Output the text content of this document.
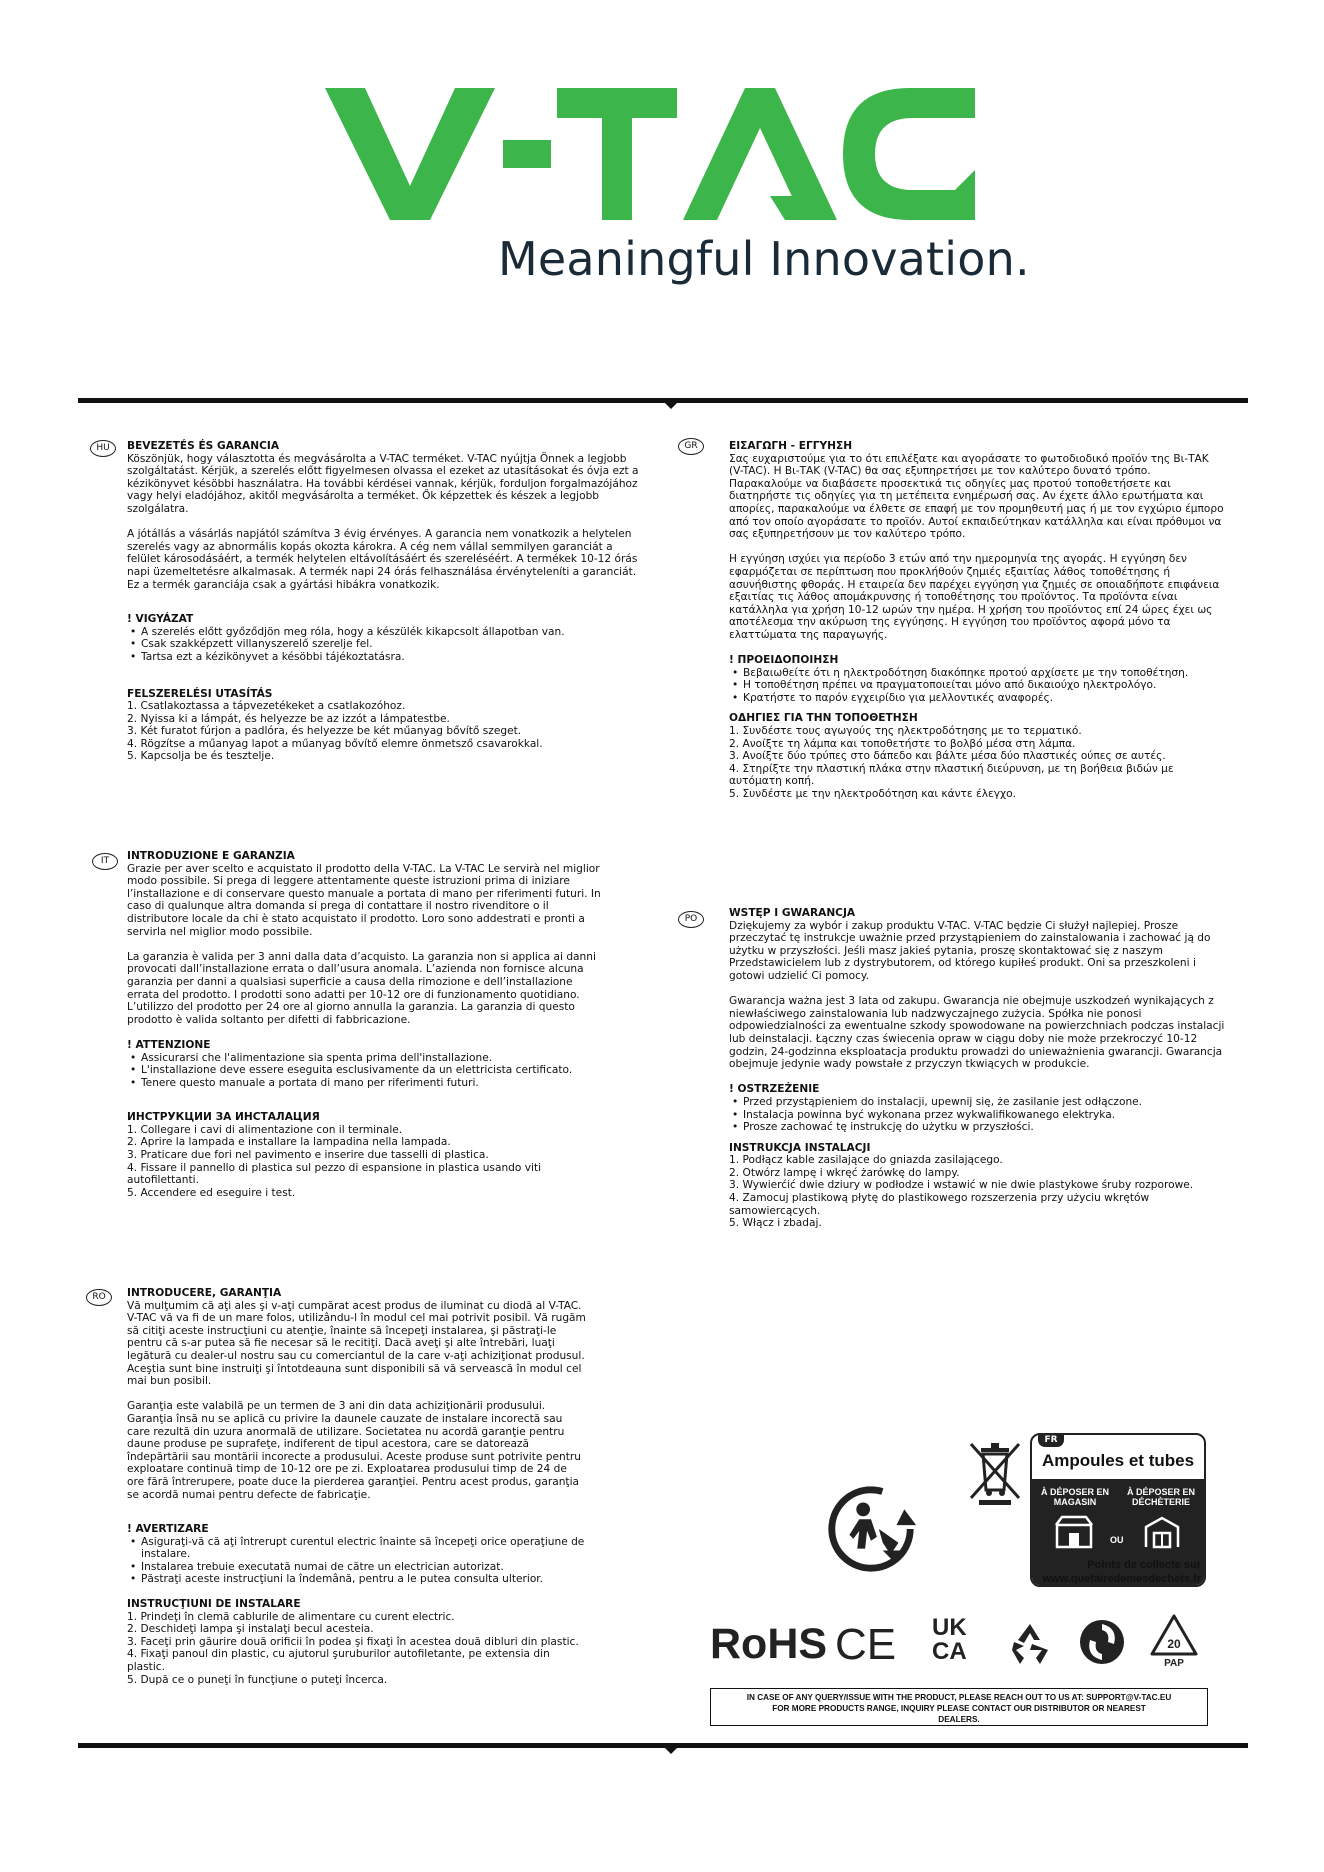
Meaningful Innovation.
HU	BEVEZETÉS ÉS GARANCIA

Köszönjük, hogy választotta és megvásárolta a V-TAC terméket. V-TAC nyújtja Önnek a legjobb szolgáltatást. Kérjük, a szerelés előtt figyelmesen olvassa el ezeket az utasításokat és óvja ezt a kézikönyvet késöbbi használatra. Ha további kérdései vannak, kérjük, forduljon forgalmazójához vagy helyi eladójához, akitől megvásárolta a terméket. Ők képzettek és készek a legjobb szolgálatra.

A jótállás a vásárlás napjától számítva 3 évig érvényes. A garancia nem vonatkozik a helytelen szerelés vagy az abnormális kopás okozta károkra. A cég nem vállal semmilyen garanciát a felület károsodásáért, a termék helytelen eltávolításáért és szereléséért. A termékek 10-12 órás napi üzemeltetésre alkalmasak. A termék napi 24 órás felhasználása érvényteleníti a garanciát. Ez a termék garanciája csak a gyártási hibákra vonatkozik.

! VIGYÁZAT
• A szerelés előtt győződjön meg róla, hogy a készülék kikapcsolt állapotban van.
• Csak szakképzett villanyszerelő szerelje fel.
• Tartsa ezt a kézikönyvet a késöbbi tájékoztatásra.
FELSZERELÉSI UTASÍTÁS
1. Csatlakoztassa a tápvezetékeket a csatlakozóhoz.
2. Nyissa ki a lámpát, és helyezze be az izzót a lámpatestbe.
3. Két furatot fúrjon a padlóra, és helyezze be két műanyag bővítő szeget.
4. Rögzítse a műanyag lapot a műanyag bővítő elemre önmetsző csavarokkal.
5. Kapcsolja be és tesztelje.
IT	INTRODUZIONE E GARANZIA

Grazie per aver scelto e acquistato il prodotto della V-TAC. La V-TAC Le servirà nel miglior modo possibile. Si prega di leggere attentamente queste istruzioni prima di iniziare l’installazione e di conservare questo manuale a portata di mano per riferimenti futuri. In caso di qualunque altra domanda si prega di contattare il nostro rivenditore o il distributore locale da chi è stato acquistato il prodotto. Loro sono addestrati e pronti a servirla nel miglior modo possibile.

La garanzia è valida per 3 anni dalla data d’acquisto. La garanzia non si applica ai danni provocati dall’installazione errata o dall’usura anomala. L’azienda non fornisce alcuna garanzia per danni a qualsiasi superficie a causa della rimozione e dell’installazione errata del prodotto. I prodotti sono adatti per 10-12 ore di funzionamento quotidiano. L’utilizzo del prodotto per 24 ore al giorno annulla la garanzia. La garanzia di questo prodotto è valida soltanto per difetti di fabbricazione.

! ATTENZIONE
• Assicurarsi che l'alimentazione sia spenta prima dell'installazione.
• L'installazione deve essere eseguita esclusivamente da un elettricista certificato.
• Tenere questo manuale a portata di mano per riferimenti futuri.
ИНСТРУКЦИИ ЗА ИНСТАЛАЦИЯ
1. Collegare i cavi di alimentazione con il terminale.
2. Aprire la lampada e installare la lampadina nella lampada.
3. Praticare due fori nel pavimento e inserire due tasselli di plastica.
4. Fissare il pannello di plastica sul pezzo di espansione in plastica usando viti autofilettanti.
5. Accendere ed eseguire i test.
RO	INTRODUCERE, GARANŢIA

Vă mulţumim că aţi ales şi v-aţi cumpărat acest produs de iluminat cu diodă al V-TAC. V-TAC vă va fi de un mare folos, utilizându-l în modul cel mai potrivit posibil. Vă rugăm să citiţi aceste instrucţiuni cu atenţie, înainte să începeţi instalarea, şi păstraţi-le pentru că s-ar putea să fie necesar să le recitiţi. Dacă aveţi şi alte întrebări, luaţi legătură cu dealer-ul nostru sau cu comerciantul de la care v-aţi achiziţionat produsul. Aceştia sunt bine instruiţi şi întotdeauna sunt disponibili să vă servească în modul cel mai bun posibil.

Garanţia este valabilă pe un termen de 3 ani din data achiziţionării produsului. Garanţia însă nu se aplică cu privire la daunele cauzate de instalare incorectă sau care rezultă din uzura anormală de utilizare. Societatea nu acordă garanţie pentru daune produse pe suprafeţe, indiferent de tipul acestora, care se datorează îndepărtării sau montării incorecte a produsului. Aceste produse sunt potrivite pentru exploatare continuă timp de 10-12 ore pe zi. Exploatarea produsului timp de 24 de ore fără întrerupere, poate duce la pierderea garanţiei. Pentru acest produs, garanţia se acordă numai pentru defecte de fabricaţie.

! AVERTIZARE
• Asiguraţi-vă că aţi întrerupt curentul electric înainte să începeţi orice operaţiune de instalare.
• Instalarea trebuie executată numai de către un electrician autorizat.
• Păstraţi aceste instrucţiuni la îndemână, pentru a le putea consulta ulterior.
INSTRUCŢIUNI DE INSTALARE
1. Prindeţi în clemă cablurile de alimentare cu curent electric.
2. Deschideţi lampa şi instalaţi becul acesteia.
3. Faceţi prin găurire două orificii în podea şi fixaţi în acestea două dibluri din plastic.
4. Fixaţi panoul din plastic, cu ajutorul şuruburilor autofiletante, pe extensia din plastic.
5. După ce o puneţi în funcţiune o puteţi încerca.
GR	ΕΙΣΑΓΩΓΗ - ΕΓΓΥΗΣΗ

Σας ευχαριστούμε για το ότι επιλέξατε και αγοράσατε το φωτοδιοδικό προϊόν της Βι-ΤΑΚ (V-TAC). Η Βι-ΤΑΚ (V-TAC) θα σας εξυπηρετήσει με τον καλύτερο δυνατό τρόπο. Παρακαλούμε να διαβάσετε προσεκτικά τις οδηγίες μας προτού τοποθετήσετε και διατηρήστε τις οδηγίες για τη μετέπειτα ενημέρωσή σας. Αν έχετε άλλο ερωτήματα και απορίες, παρακαλούμε να έλθετε σε επαφή με τον προμηθευτή μας ή με τον εγχώριο έμπορο από τον οποίο αγοράσατε το προϊόν. Αυτοί εκπαιδεύτηκαν κατάλληλα και είναι πρόθυμοι να σας εξυπηρετήσουν με τον καλύτερο τρόπο.

Η εγγύηση ισχύει για περίοδο 3 ετών από την ημερομηνία της αγοράς. Η εγγύηση δεν εφαρμόζεται σε περίπτωση που προκλήθούν ζημιές εξαιτίας λάθος τοποθέτησης ή ασυνήθιστης φθοράς. Η εταιρεία δεν παρέχει εγγύηση για ζημιές σε οποιαδήποτε επιφάνεια εξαιτίας τις λάθος απομάκρυνσης ή τοποθέτησης του προϊόντος. Τα προϊόντα είναι κατάλληλα για χρήση 10-12 ωρών την ημέρα. Η χρήση του προϊόντος επί 24 ώρες έχει ως αποτέλεσμα την ακύρωση της εγγύησης. Η εγγύηση του προϊόντος αφορά μόνο τα ελαττώματα της παραγωγής.

! ΠΡΟΕΙΔΟΠΟΙΗΣΗ
• Βεβαιωθείτε ότι η ηλεκτροδότηση διακόπηκε προτού αρχίσετε με την τοποθέτηση.
• Η τοποθέτηση πρέπει να πραγματοποιείται μόνο από δικαιούχο ηλεκτρολόγο.
• Κρατήστε το παρόν εγχειρίδιο για μελλοντικές αναφορές.
ΟΔΗΓΙΕΣ ΓΙΑ ΤΗΝ ΤΟΠΟΘΕΤΗΣΗ
1. Συνδέστε τους αγωγούς της ηλεκτροδότησης με το τερματικό.
2. Ανοίξτε τη λάμπα και τοποθετήστε το βολβό μέσα στη λάμπα.
3. Ανοίξτε δύο τρύπες στο δάπεδο και βάλτε μέσα δύο πλαστικές ούπες σε αυτές.
4. Στηρίξτε την πλαστική πλάκα στην πλαστική διεύρυνση, με τη βοήθεια βιδών με αυτόματη κοπή.
5. Συνδέστε με την ηλεκτροδότηση και κάντε έλεγχο.
PO	WSTĘP I GWARANCJA

Dziękujemy za wybór i zakup produktu V-TAC. V-TAC będzie Ci służył najlepiej. Prosze przeczytać tę instrukcje uważnie przed przystąpieniem do zainstalowania i zachować ją do użytku w przyszłości. Jeśli masz jakieś pytania, proszę skontaktować się z naszym Przedstawicielem lub z dystrybutorem, od którego kupiłeś produkt. Oni sa przeszkoleni i gotowi udzielić Ci pomocy.

Gwarancja ważna jest 3 lata od zakupu. Gwarancja nie obejmuje uszkodzeń wynikających z niewłaściwego zainstalowania lub nadzwyczajnego zużycia. Spółka nie ponosi odpowiedzialności za ewentualne szkody spowodowane na powierzchniach podczas instalacji lub deinstalacji. Łączny czas świecenia opraw w ciągu doby nie może przekroczyć 10-12 godzin, 24-godzinna eksploatacja produktu prowadzi do unieważnienia gwarancji. Gwarancja obejmuje jedynie wady powstałe z przyczyn tkwiących w produkcie.

! OSTRZEŻENIE
• Przed przystąpieniem do instalacji, upewnij się, że zasilanie jest odłączone.
• Instalacja powinna być wykonana przez wykwalifikowanego elektryka.
• Prosze zachować tę instrukcję do użytku w przyszłości.
INSTRUKCJA INSTALACJI
1. Podłącz kable zasilające do gniazda zasilającego.
2. Otwórz lampę i wkręć żarówkę do lampy.
3. Wywierćić dwie dziury w podłodze i wstawić w nie dwie plastykowe śruby rozporowe.
4. Zamocuj plastikową płytę do plastikowego rozszerzenia przy użyciu wkrętów samowiercących.
5. Włącz i zbadaj.
FR
Ampoules et tubes
À DÉPOSER EN MAGASIN
À DÉPOSER EN DÉCHÈTERIE
OU
Points de collecte sur
www.quefairedemesdechets.fr
RoHS CE UK
CA	20
PAP
IN CASE OF ANY QUERY/ISSUE WITH THE PRODUCT, PLEASE REACH OUT TO US AT: SUPPORT@V-TAC.EU
FOR MORE PRODUCTS RANGE, INQUIRY PLEASE CONTACT OUR DISTRIBUTOR OR NEAREST DEALERS.
